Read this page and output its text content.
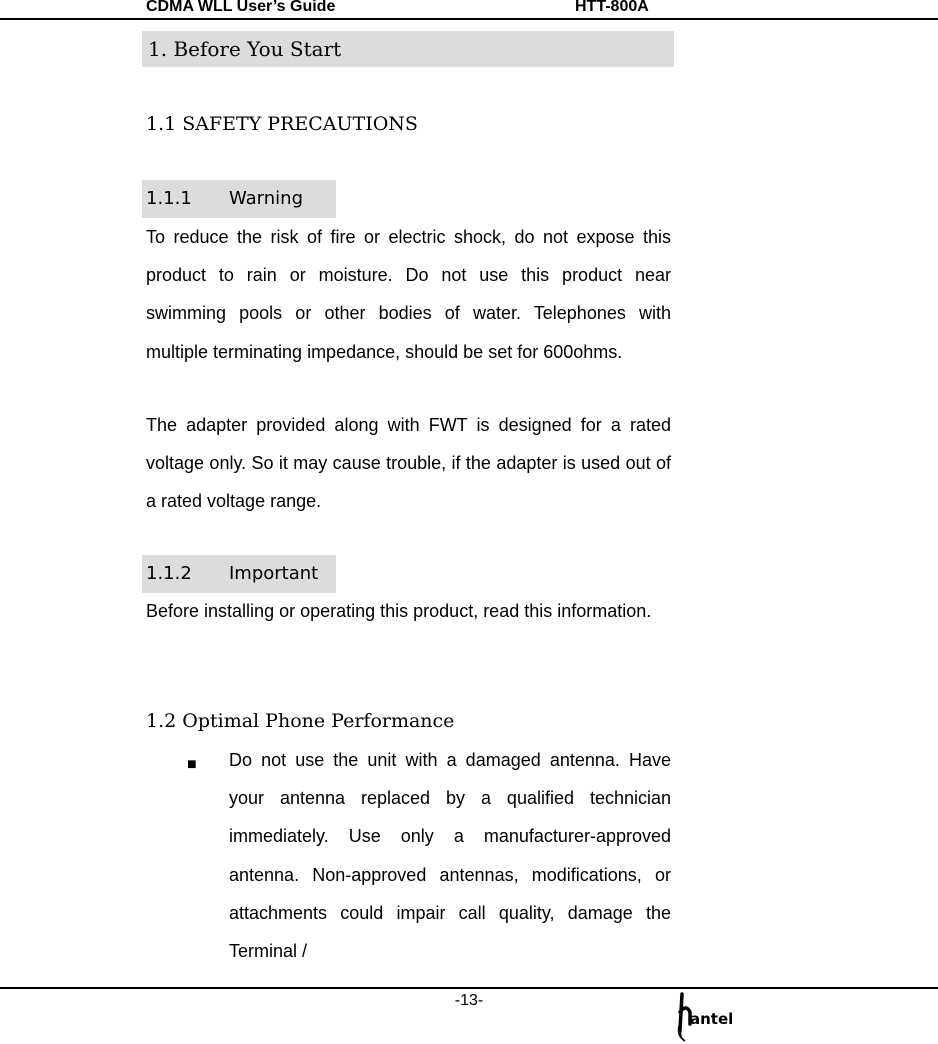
CDMA WLL User’s Guide	HTT-800A
1. Before You Start
1.1 SAFETY PRECAUTIONS
1.1.1 Warning
To reduce the risk of fire or electric shock, do not expose this product to rain or moisture. Do not use this product near swimming pools or other bodies of water. Telephones with multiple terminating impedance, should be set for 600ohms.
The adapter provided along with FWT is designed for a rated voltage only. So it may cause trouble, if the adapter is used out of a rated voltage range.
1.1.2 Important
Before installing or operating this product, read this information.
1.2 Optimal Phone Performance
■ Do not use the unit with a damaged antenna. Have your antenna replaced by a qualified technician immediately. Use only a manufacturer-approved antenna. Non-approved antennas, modifications, or attachments could impair call quality, damage the Terminal /
-13-
antel
